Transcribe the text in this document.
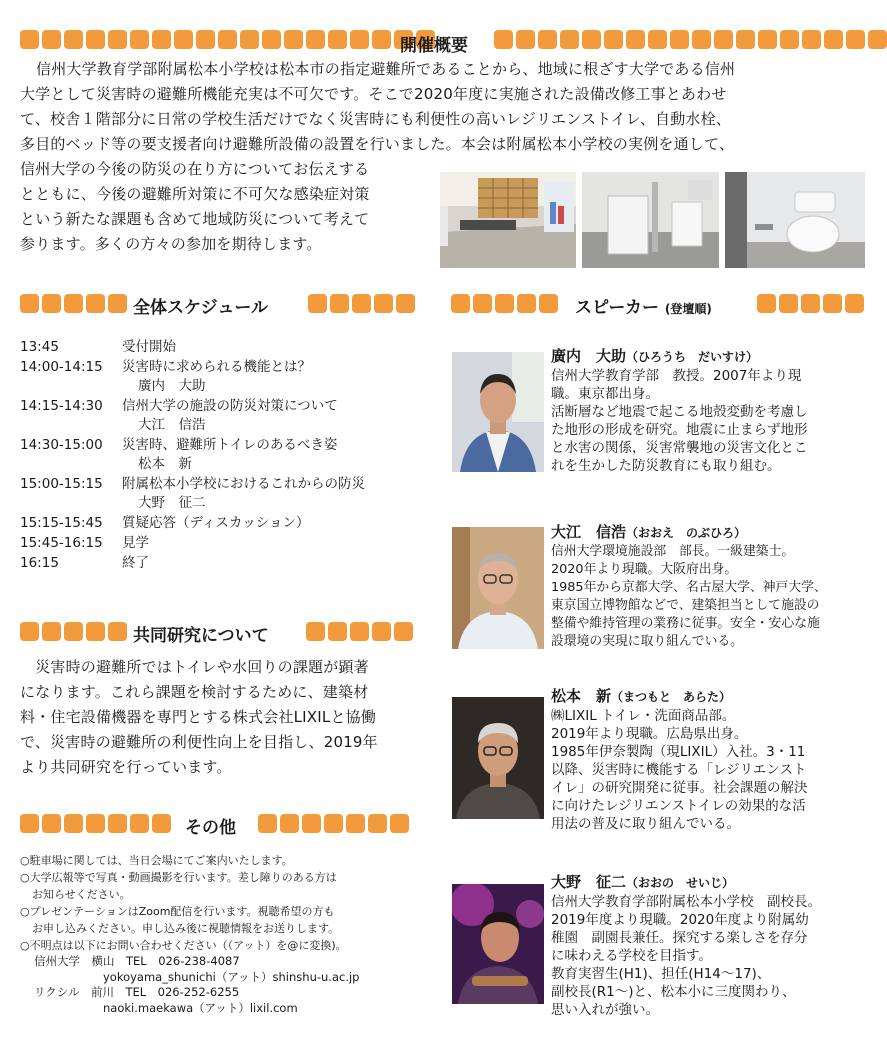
開催概要
信州大学教育学部附属松本小学校は松本市の指定避難所であることから、地域に根ざす大学である信州
大学として災害時の避難所機能充実は不可欠です。そこで2020年度に実施された設備改修工事とあわせ
て、校舎１階部分に日常の学校生活だけでなく災害時にも利便性の高いレジリエンストイレ、自動水栓、
多目的ベッド等の要支援者向け避難所設備の設置を行いました。本会は附属松本小学校の実例を通して、
信州大学の今後の防災の在り方についてお伝えする
とともに、今後の避難所対策に不可欠な感染症対策
という新たな課題も含めて地域防災について考えて
参ります。多くの方々の参加を期待します。
全体スケジュール
13:45	受付開始
14:00-14:15	災害時に求められる機能とは？
廣内　大助
14:15-14:30	信州大学の施設の防災対策について
大江　信浩
14:30-15:00	災害時、避難所トイレのあるべき姿
松本　新
15:00-15:15	附属松本小学校におけるこれからの防災
大野　征二
15:15-15:45	質疑応答（ディスカッション）
15:45-16:15	見学
16:15	終了
共同研究について
　災害時の避難所ではトイレや水回りの課題が顕著
になります。これら課題を検討するために、建築材
料・住宅設備機器を専門とする株式会社LIXILと協働
で、災害時の避難所の利便性向上を目指し、2019年
より共同研究を行っています。
その他
○駐車場に関しては、当日会場にてご案内いたします。
○大学広報等で写真・動画撮影を行います。差し障りのある方は
お知らせください。
○プレゼンテーションはZoom配信を行います。視聴希望の方も
お申し込みください。申し込み後に視聴情報をお送りします。
○不明点は以下にお問い合わせください（（アット）を@に変換)。
信州大学　横山　TEL　026-238-4087
　　　　　　yokoyama_shunichi（アット）shinshu-u.ac.jp
リクシル　前川　TEL　026-252-6255
　　　　　　naoki.maekawa（アット）lixil.com
スピーカー (登壇順)
廣内　大助（ひろうち　だいすけ）
信州大学教育学部　教授。2007年より現
職。東京都出身。
活断層など地震で起こる地殻変動を考慮し
た地形の形成を研究。地震に止まらず地形
と水害の関係，災害常襲地の災害文化とこ
れを生かした防災教育にも取り組む。
大江　信浩（おおえ　のぶひろ）
信州大学環境施設部　部長。一級建築士。
2020年より現職。大阪府出身。
1985年から京都大学、名古屋大学、神戸大学、
東京国立博物館などで、建築担当として施設の
整備や維持管理の業務に従事。安全・安心な施
設環境の実現に取り組んでいる。
松本　新（まつもと　あらた）
㈱LIXIL トイレ・洗面商品部。
2019年より現職。広島県出身。
1985年伊奈製陶（現LIXIL）入社。3・11
以降、災害時に機能する「レジリエンスト
イレ」の研究開発に従事。社会課題の解決
に向けたレジリエンストイレの効果的な活
用法の普及に取り組んでいる。
大野　征二（おおの　せいじ）
信州大学教育学部附属松本小学校　副校長。
2019年度より現職。2020年度より附属幼
稚園　副園長兼任。探究する楽しさを存分
に味わえる学校を目指す。
教育実習生(H1)、担任(H14～17)、
副校長(R1～)と、松本小に三度関わり、
思い入れが強い。
